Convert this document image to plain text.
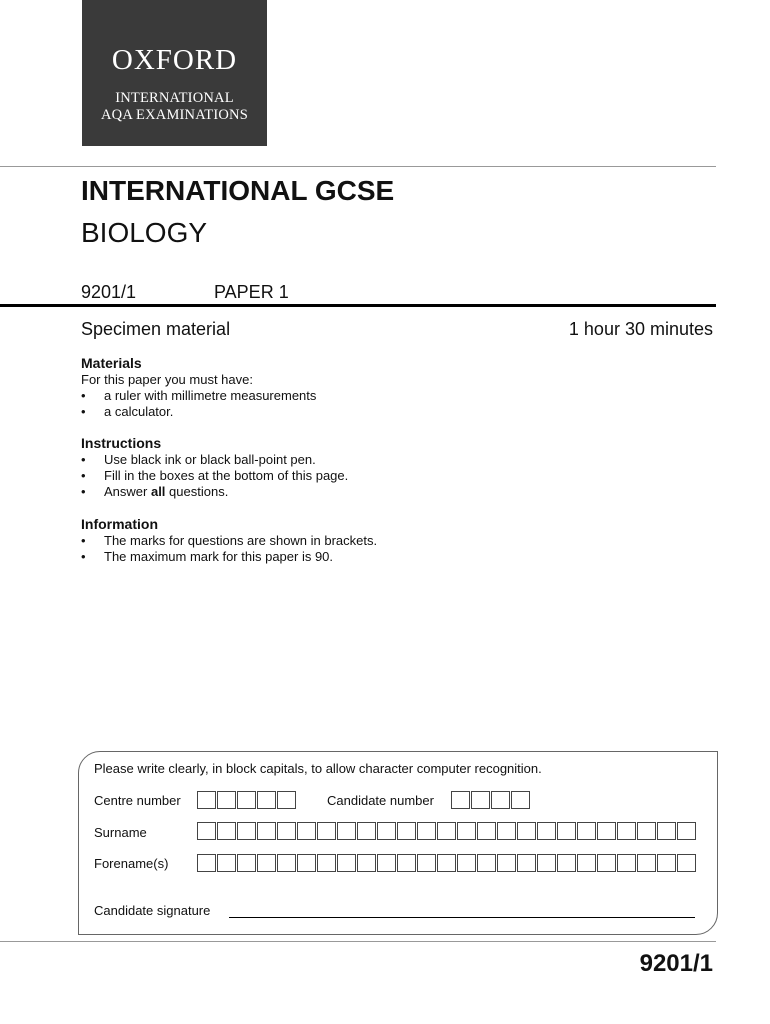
OXFORD
INTERNATIONAL
AQA EXAMINATIONS
INTERNATIONAL GCSE
BIOLOGY
9201/1	PAPER 1
Specimen material	1 hour 30 minutes
Materials
For this paper you must have:
• a ruler with millimetre measurements
• a calculator.
Instructions
• Use black ink or black ball-point pen.
• Fill in the boxes at the bottom of this page.
• Answer all questions.
Information
• The marks for questions are shown in brackets.
• The maximum mark for this paper is 90.
Please write clearly, in block capitals, to allow character computer recognition.
Centre number	Candidate number
Surname
Forename(s)
Candidate signature
9201/1
